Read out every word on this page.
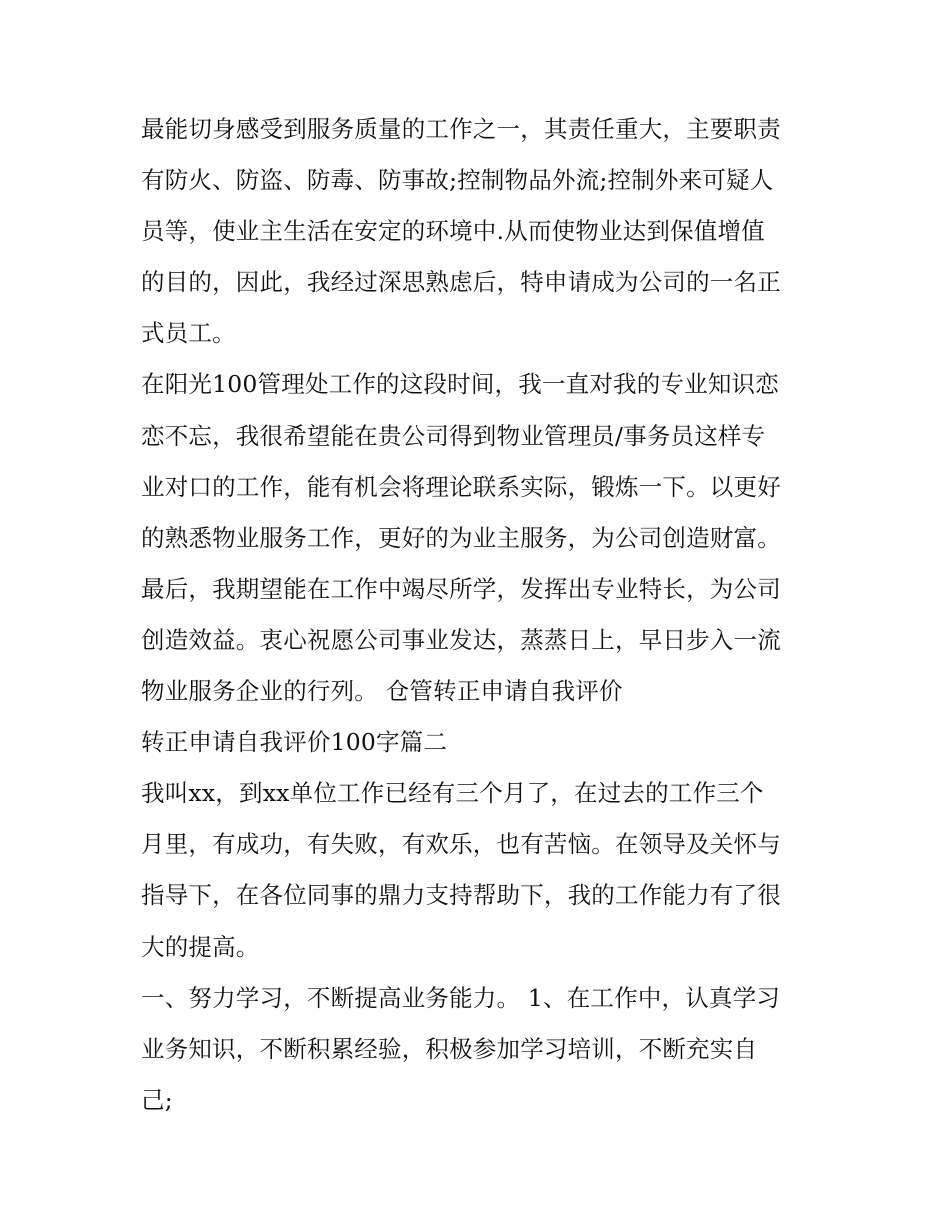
最能切身感受到服务质量的工作之一，其责任重大，主要职责
有防火、防盗、防毒、防事故;控制物品外流;控制外来可疑人
员等，使业主生活在安定的环境中.从而使物业达到保值增值
的目的，因此，我经过深思熟虑后，特申请成为公司的一名正
式员工。
在阳光100管理处工作的这段时间，我一直对我的专业知识恋
恋不忘，我很希望能在贵公司得到物业管理员/事务员这样专
业对口的工作，能有机会将理论联系实际，锻炼一下。以更好
的熟悉物业服务工作，更好的为业主服务，为公司创造财富。
最后，我期望能在工作中竭尽所学，发挥出专业特长，为公司
创造效益。衷心祝愿公司事业发达，蒸蒸日上，早日步入一流
物业服务企业的行列。 仓管转正申请自我评价
转正申请自我评价100字篇二
我叫xx，到xx单位工作已经有三个月了，在过去的工作三个
月里，有成功，有失败，有欢乐，也有苦恼。在领导及关怀与
指导下，在各位同事的鼎力支持帮助下，我的工作能力有了很
大的提高。
一、努力学习，不断提高业务能力。 1、在工作中，认真学习
业务知识，不断积累经验，积极参加学习培训，不断充实自
己;
